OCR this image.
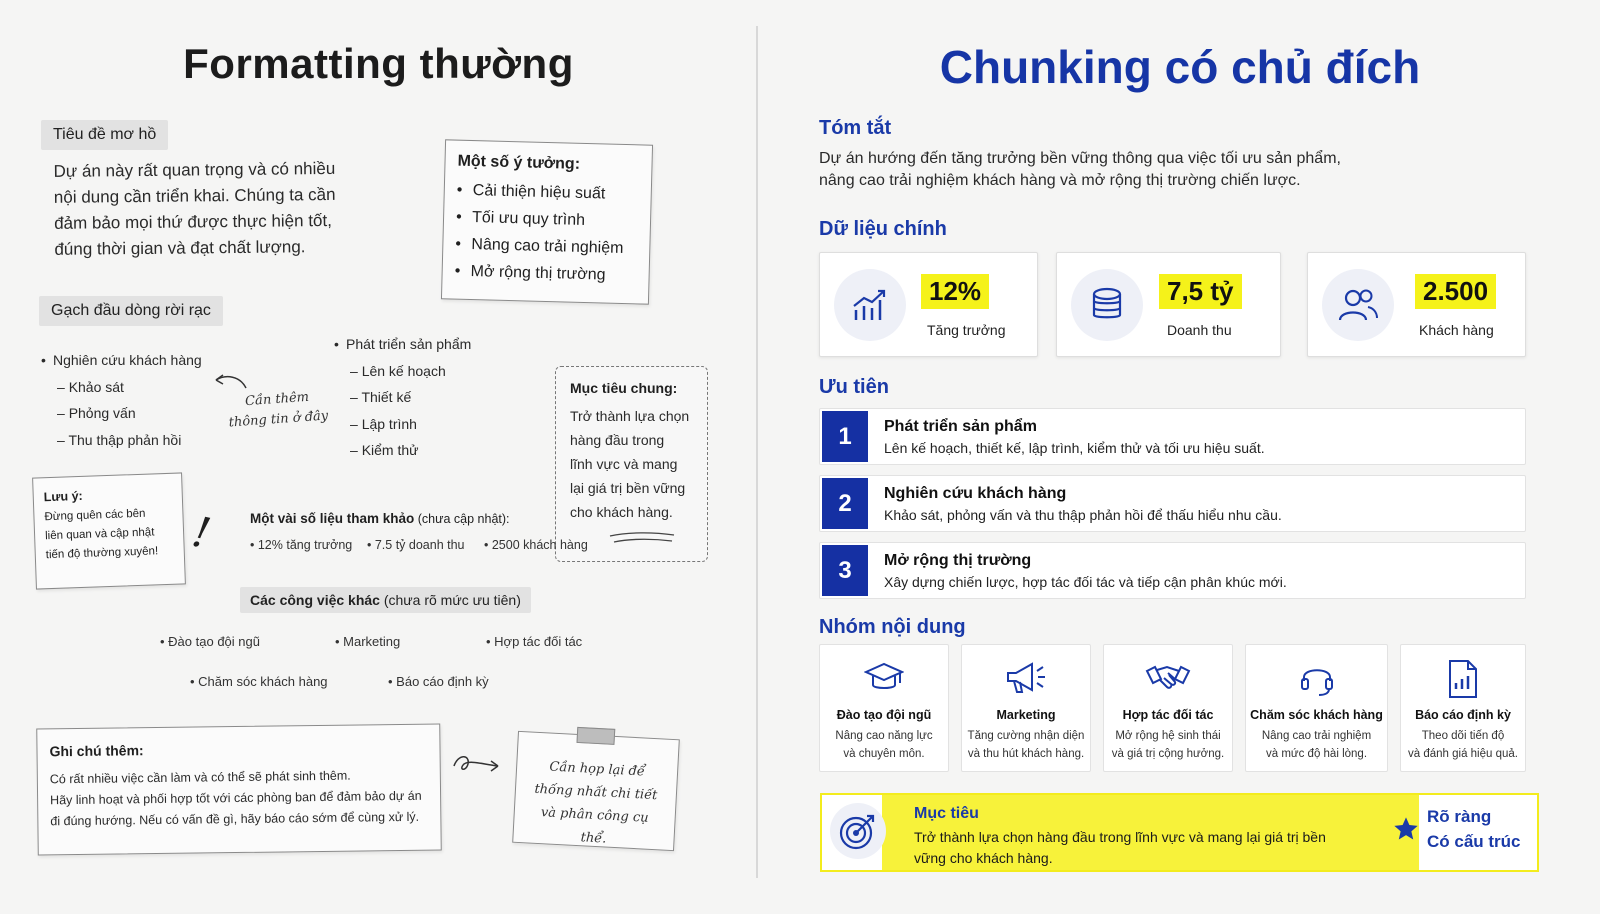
Formatting thường
Tiêu đề mơ hồ
Dự án này rất quan trọng và có nhiều
nội dung cần triển khai. Chúng ta cần
đảm bảo mọi thứ được thực hiện tốt,
đúng thời gian và đạt chất lượng.
Một số ý tưởng:
• Cải thiện hiệu suất
• Tối ưu quy trình
• Nâng cao trải nghiệm
• Mở rộng thị trường
Gạch đầu dòng rời rạc
• Nghiên cứu khách hàng
– Khảo sát
– Phỏng vấn
– Thu thập phản hồi
Cần thêm
thông tin ở đây
• Phát triển sản phẩm
– Lên kế hoạch
– Thiết kế
– Lập trình
– Kiểm thử
Mục tiêu chung:
Trở thành lựa chọn
hàng đầu trong
lĩnh vực và mang
lại giá trị bền vững
cho khách hàng.
Lưu ý:
Đừng quên các bên
liên quan và cập nhật
tiến độ thường xuyên! !	Một vài số liệu tham khảo (chưa cập nhật):
• 12% tăng trưởng	• 7.5 tỷ doanh thu	• 2500 khách hàng
Các công việc khác (chưa rõ mức ưu tiên)
• Đào tạo đội ngũ	• Marketing	• Hợp tác đối tác
• Chăm sóc khách hàng	• Báo cáo định kỳ
Ghi chú thêm:
Có rất nhiều việc cần làm và có thể sẽ phát sinh thêm.
Hãy linh hoạt và phối hợp tốt với các phòng ban để đảm bảo dự án
đi đúng hướng. Nếu có vấn đề gì, hãy báo cáo sớm để cùng xử lý.
Cần họp lại để
thống nhất chi tiết
và phân công cụ thể.
Chunking có chủ đích
Tóm tắt
Dự án hướng đến tăng trưởng bền vững thông qua việc tối ưu sản phẩm,
nâng cao trải nghiệm khách hàng và mở rộng thị trường chiến lược.
Dữ liệu chính
12%
Tăng trưởng
7,5 tỷ
Doanh thu
2.500
Khách hàng
Ưu tiên
1	Phát triển sản phẩm
Lên kế hoạch, thiết kế, lập trình, kiểm thử và tối ưu hiệu suất.
2	Nghiên cứu khách hàng
Khảo sát, phỏng vấn và thu thập phản hồi để thấu hiểu nhu cầu.
3	Mở rộng thị trường
Xây dựng chiến lược, hợp tác đối tác và tiếp cận phân khúc mới.
Nhóm nội dung
Đào tạo đội ngũ
Nâng cao năng lực
và chuyên môn.
Marketing
Tăng cường nhận diện
và thu hút khách hàng.
Hợp tác đối tác
Mở rộng hệ sinh thái
và giá trị cộng hưởng.
Chăm sóc khách hàng
Nâng cao trải nghiệm
và mức độ hài lòng.
Báo cáo định kỳ
Theo dõi tiến độ
và đánh giá hiệu quả.
Mục tiêu
Trở thành lựa chọn hàng đầu trong lĩnh vực và mang lại giá trị bền vững cho khách hàng.
Rõ ràng
Có cấu trúc
